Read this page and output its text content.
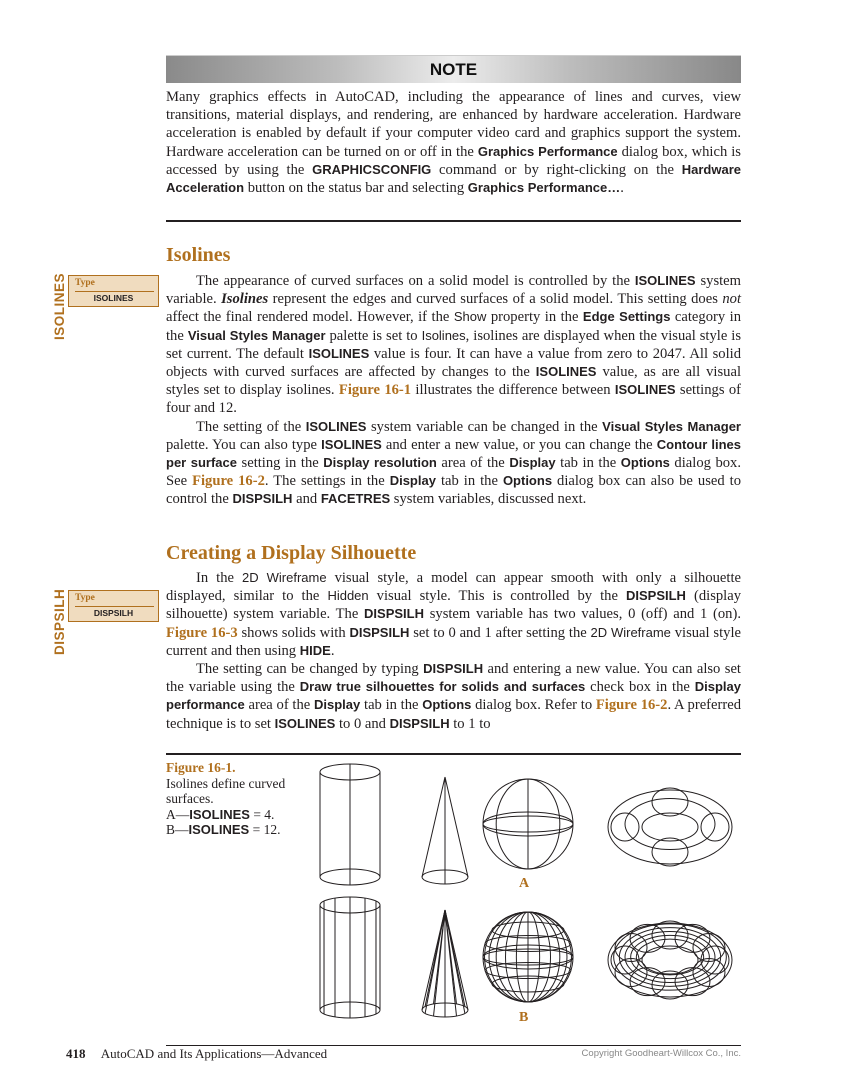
NOTE

Many graphics effects in AutoCAD, including the appearance of lines and curves, view transitions, material displays, and rendering, are enhanced by hardware acceleration. Hardware acceleration is enabled by default if your computer video card and graphics support the system. Hardware acceleration can be turned on or off in the Graphics Performance dialog box, which is accessed by using the GRAPHICSCONFIG command or by right-clicking on the Hardware Acceleration button on the status bar and selecting Graphics Performance….

Isolines
ISOLINES Type
ISOLINES

The appearance of curved surfaces on a solid model is controlled by the ISOLINES system variable. Isolines represent the edges and curved surfaces of a solid model. This setting does not affect the final rendered model. However, if the Show property in the Edge Settings category in the Visual Styles Manager palette is set to Isolines, isolines are displayed when the visual style is set current. The default ISOLINES value is four. It can have a value from zero to 2047. All solid objects with curved surfaces are affected by changes to the ISOLINES value, as are all visual styles set to display isolines. Figure 16-1 illustrates the difference between ISOLINES settings of four and 12.

The setting of the ISOLINES system variable can be changed in the Visual Styles Manager palette. You can also type ISOLINES and enter a new value, or you can change the Contour lines per surface setting in the Display resolution area of the Display tab in the Options dialog box. See Figure 16-2. The settings in the Display tab in the Options dialog box can also be used to control the DISPSILH and FACETRES system variables, discussed next.

Creating a Display Silhouette
DISPSILH Type
DISPSILH

In the 2D Wireframe visual style, a model can appear smooth with only a silhouette displayed, similar to the Hidden visual style. This is controlled by the DISPSILH (display silhouette) system variable. The DISPSILH system variable has two values, 0 (off) and 1 (on). Figure 16-3 shows solids with DISPSILH set to 0 and 1 after setting the 2D Wireframe visual style current and then using HIDE.

The setting can be changed by typing DISPSILH and entering a new value. You can also set the variable using the Draw true silhouettes for solids and surfaces check box in the Display performance area of the Display tab in the Options dialog box. Refer to Figure 16-2. A preferred technique is to set ISOLINES to 0 and DISPSILH to 1 to

Figure 16-1.
Isolines define curved surfaces.
A—ISOLINES = 4.
B—ISOLINES = 12.
A
B
418 AutoCAD and Its Applications—Advanced	Copyright Goodheart-Willcox Co., Inc.
